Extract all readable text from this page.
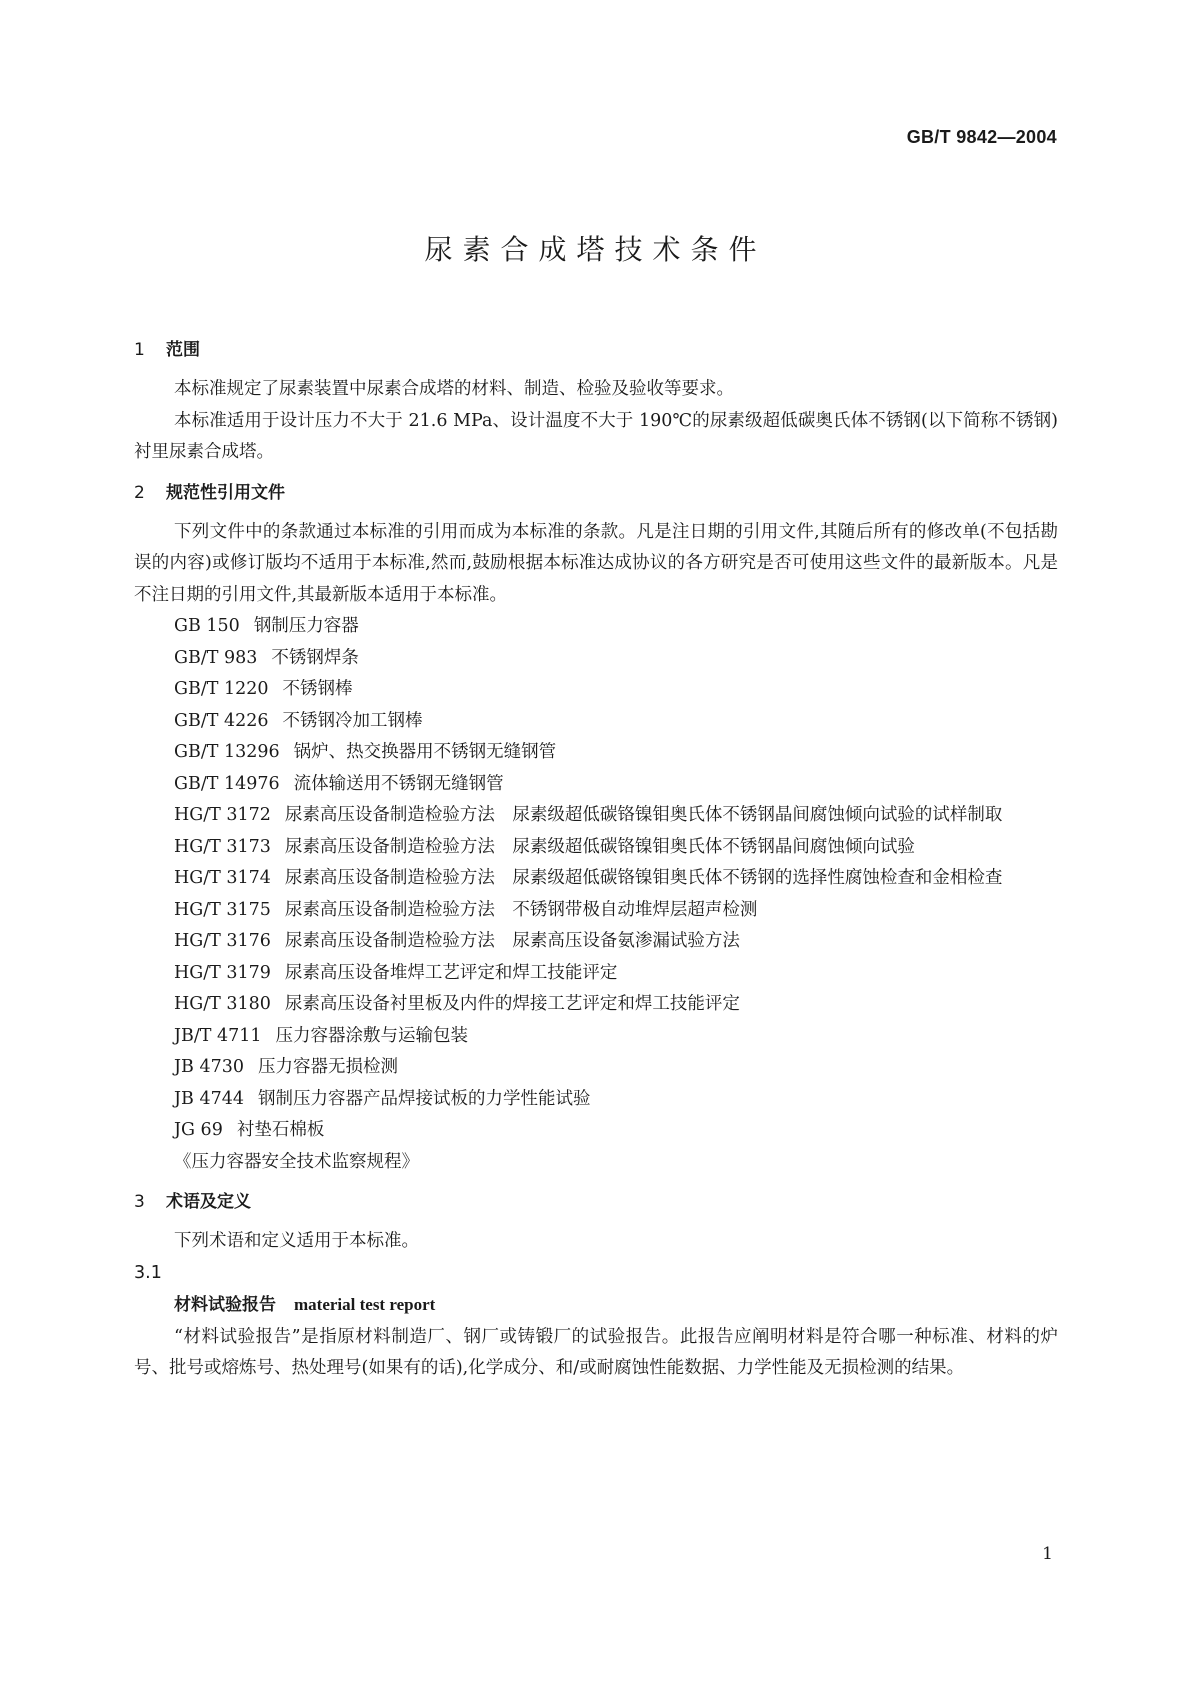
GB/T 9842—2004
尿素合成塔技术条件
1 范围
本标准规定了尿素装置中尿素合成塔的材料、制造、检验及验收等要求。
本标准适用于设计压力不大于 21.6 MPa、设计温度不大于 190℃的尿素级超低碳奥氏体不锈钢(以下简称不锈钢)衬里尿素合成塔。
2 规范性引用文件
下列文件中的条款通过本标准的引用而成为本标准的条款。凡是注日期的引用文件,其随后所有的修改单(不包括勘误的内容)或修订版均不适用于本标准,然而,鼓励根据本标准达成协议的各方研究是否可使用这些文件的最新版本。凡是不注日期的引用文件,其最新版本适用于本标准。
GB 150 钢制压力容器
GB/T 983 不锈钢焊条
GB/T 1220 不锈钢棒
GB/T 4226 不锈钢冷加工钢棒
GB/T 13296 锅炉、热交换器用不锈钢无缝钢管
GB/T 14976 流体输送用不锈钢无缝钢管
HG/T 3172 尿素高压设备制造检验方法　尿素级超低碳铬镍钼奥氏体不锈钢晶间腐蚀倾向试验的试样制取
HG/T 3173 尿素高压设备制造检验方法　尿素级超低碳铬镍钼奥氏体不锈钢晶间腐蚀倾向试验
HG/T 3174 尿素高压设备制造检验方法　尿素级超低碳铬镍钼奥氏体不锈钢的选择性腐蚀检查和金相检查
HG/T 3175 尿素高压设备制造检验方法　不锈钢带极自动堆焊层超声检测
HG/T 3176 尿素高压设备制造检验方法　尿素高压设备氨渗漏试验方法
HG/T 3179 尿素高压设备堆焊工艺评定和焊工技能评定
HG/T 3180 尿素高压设备衬里板及内件的焊接工艺评定和焊工技能评定
JB/T 4711 压力容器涂敷与运输包装
JB 4730 压力容器无损检测
JB 4744 钢制压力容器产品焊接试板的力学性能试验
JG 69 衬垫石棉板
《压力容器安全技术监察规程》
3 术语及定义
下列术语和定义适用于本标准。
3.1
材料试验报告 material test report
“材料试验报告”是指原材料制造厂、钢厂或铸锻厂的试验报告。此报告应阐明材料是符合哪一种标准、材料的炉号、批号或熔炼号、热处理号(如果有的话),化学成分、和/或耐腐蚀性能数据、力学性能及无损检测的结果。
1
